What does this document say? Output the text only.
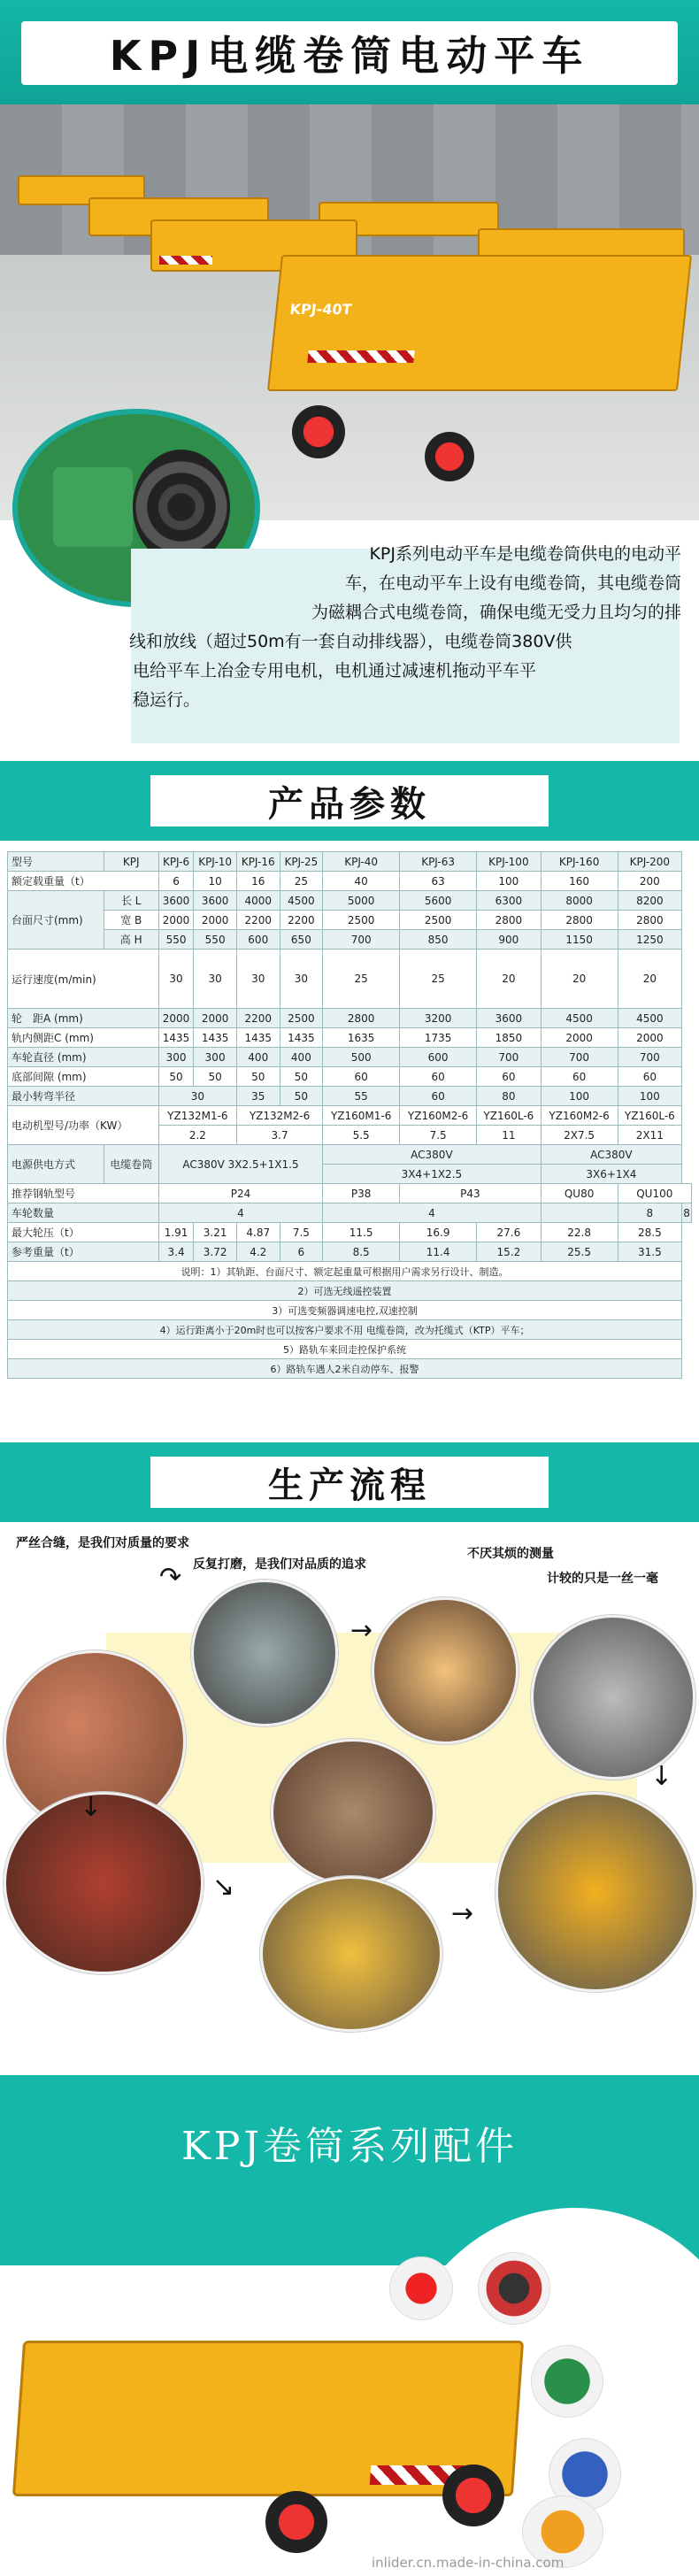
KPJ电缆卷筒电动平车
KPJ-40T
KPJ系列电动平车是电缆卷筒供电的电动平
车，在电动平车上设有电缆卷筒，其电缆卷筒
为磁耦合式电缆卷筒，确保电缆无受力且均匀的排
线和放线（超过50m有一套自动排线器），电缆卷筒380V供
电给平车上冶金专用电机，电机通过减速机拖动平车平
稳运行。
产品参数
型号	KPJ	KPJ-6	KPJ-10	KPJ-16	KPJ-25	KPJ-40	KPJ-63	KPJ-100	KPJ-160	KPJ-200	
额定载重量（t）		6	10	16	25	40	63	100	160	200	
台面尺寸(mm)	长 L	3600	3600	4000	4500	5000	5600	6300	8000	8200	
	宽 B	2000	2000	2200	2200	2500	2500	2800	2800	2800	
	高 H	550	550	600	650	700	850	900	1150	1250	
运行速度(m/min)		30	30	30	30	25	25	20	20	20	
轮　距A (mm)		2000	2000	2200	2500	2800	3200	3600	4500	4500	
轨内侧距C (mm)		1435	1435	1435	1435	1635	1735	1850	2000	2000	
车轮直径 (mm)		300	300	400	400	500	600	700	700	700	
底部间隙 (mm)		50	50	50	50	60	60	60	60	60	
最小转弯半径		30		35	50	55	60	80	100	100	
电动机型号/功率（KW）		YZ132M1-6		YZ132M2-6		YZ160M1-6	YZ160M2-6	YZ160L-6	YZ160M2-6	YZ160L-6	
		2.2		3.7		5.5	7.5	11	2X7.5	2X11	
电源供电方式	电缆卷筒	AC380V 3X2.5+1X1.5				AC380V			AC380V		
						3X4+1X2.5			3X6+1X4		
推荐钢轨型号		P24				P38	P43		QU80	QU100	
车轮数量		4				4				8	8
最大轮压（t）		1.91	3.21	4.87	7.5	11.5	16.9	27.6	22.8	28.5	
参考重量（t）		3.4	3.72	4.2	6	8.5	11.4	15.2	25.5	31.5	
说明：1）其轨距、台面尺寸、额定起重量可根据用户需求另行设计、制造。											
2）可选无线遥控装置											
3）可选变频器调速电控,双速控制											
4）运行距离小于20m时也可以按客户要求不用 电缆卷筒，改为托缆式（KTP）平车；											
5）路轨车来回走控保护系统											
6）路轨车遇人2米自动停车、报警											
生产流程
严丝合缝，是我们对质量的要求
反复打磨，是我们对品质的追求
不厌其烦的测量
计较的只是一丝一毫
↷
→
↓
↓
↘
→
KPJ卷筒系列配件
inlider.cn.made-in-china.com
